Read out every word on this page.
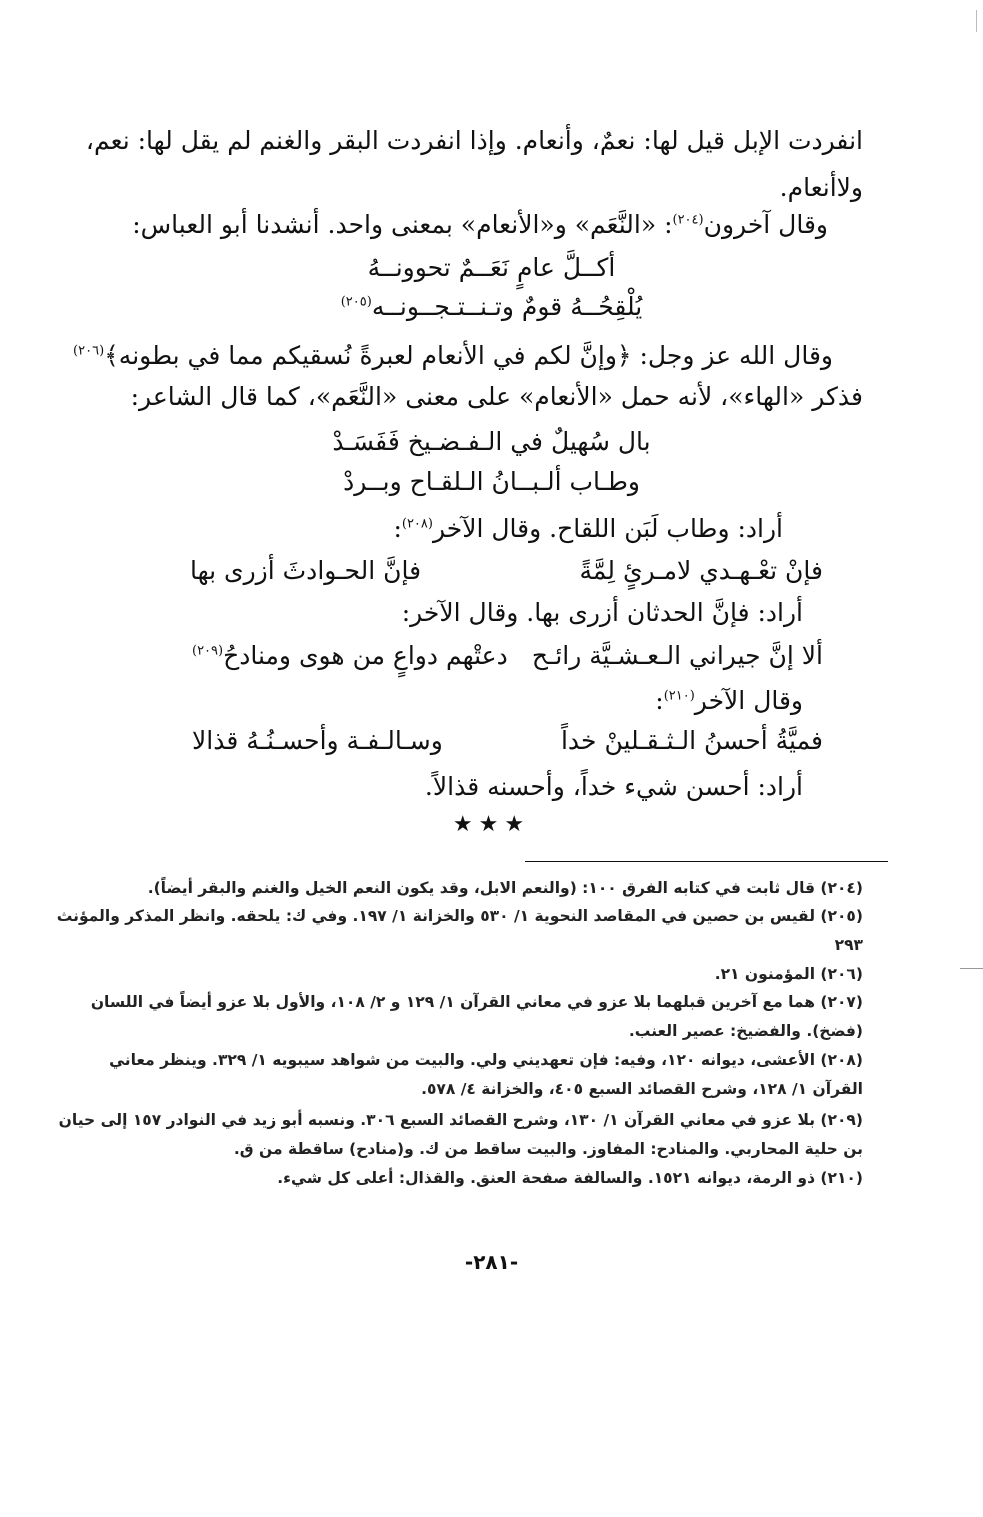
انفردت الإبل قيل لها: نعمٌ، وأنعام. وإذا انفردت البقر والغنم لم يقل لها: نعم،
ولاأنعام.
وقال آخرون$^{(٢٠٤)}$: «النَّعَم» و«الأنعام» بمعنى واحد. أنشدنا أبو العباس:
أكــلَّ عامٍ نَعَــمٌ تحوونــهُ
يُلْقِحُــهُ قومٌ وتـنــتـجــونــه$^{(٢٠٥)}$
وقال الله عز وجل: ﴿وإنَّ لكم في الأنعام لعبرةً نُسقيكم مما في بطونه﴾$^{(٢٠٦)}$
فذكر «الهاء»، لأنه حمل «الأنعام» على معنى «النَّعَم»، كما قال الشاعر:
بال سُهيلٌ في الـفـضـيخ فَفَسَـدْ
وطـاب ألـبــانُ الـلقـاح وبــردْ
أراد: وطاب لَبَن اللقاح. وقال الآخر$^{(٢٠٨)}$:
فإنْ تعْـهـدي لامـرئٍ لِمَّةً
فإنَّ الحـوادثَ أزرى بها
أراد: فإنَّ الحدثان أزرى بها. وقال الآخر:
ألا إنَّ جيراني الـعـشـيَّة رائـح
دعتْهم دواعٍ من هوى ومنادحُ$^{(٢٠٩)}$
وقال الآخر$^{(٢١٠)}$:
فميَّةُ أحسنُ الـثـقـلينْ خداً
وسـالـفـة وأحسـنُـهُ قذالا
أراد: أحسن شيء خداً، وأحسنه قذالاً.
★★★
(٢٠٤) قال ثابت في كتابه الفرق ١٠٠: (والنعم الابل، وقد يكون النعم الخيل والغنم والبقر أيضاً).
(٢٠٥) لقيس بن حصين في المقاصد النحوية ١/ ٥٣٠ والخزانة ١/ ١٩٧. وفي ك: يلحقه. وانظر المذكر والمؤنث
٢٩٣
(٢٠٦) المؤمنون ٢١.
(٢٠٧) هما مع آخرين قبلهما بلا عزو في معاني القرآن ١/ ١٢٩ و ٢/ ١٠٨، والأول بلا عزو أيضاً في اللسان
(فضخ). والفضيخ: عصير العنب.
(٢٠٨) الأعشى، ديوانه ١٢٠، وفيه: فإن تعهديني ولي. والبيت من شواهد سيبويه ١/ ٣٢٩. وينظر معاني
القرآن ١/ ١٢٨، وشرح القصائد السبع ٤٠٥، والخزانة ٤/ ٥٧٨.
(٢٠٩) بلا عزو في معاني القرآن ١/ ١٣٠، وشرح القصائد السبع ٣٠٦. ونسبه أبو زيد في النوادر ١٥٧ إلى حيان
بن حلية المحاربي. والمنادح: المفاوز. والبيت ساقط من ك. و(منادح) ساقطة من ق.
(٢١٠) ذو الرمة، ديوانه ١٥٢١. والسالفة صفحة العنق. والقذال: أعلى كل شيء.
-٢٨١-
